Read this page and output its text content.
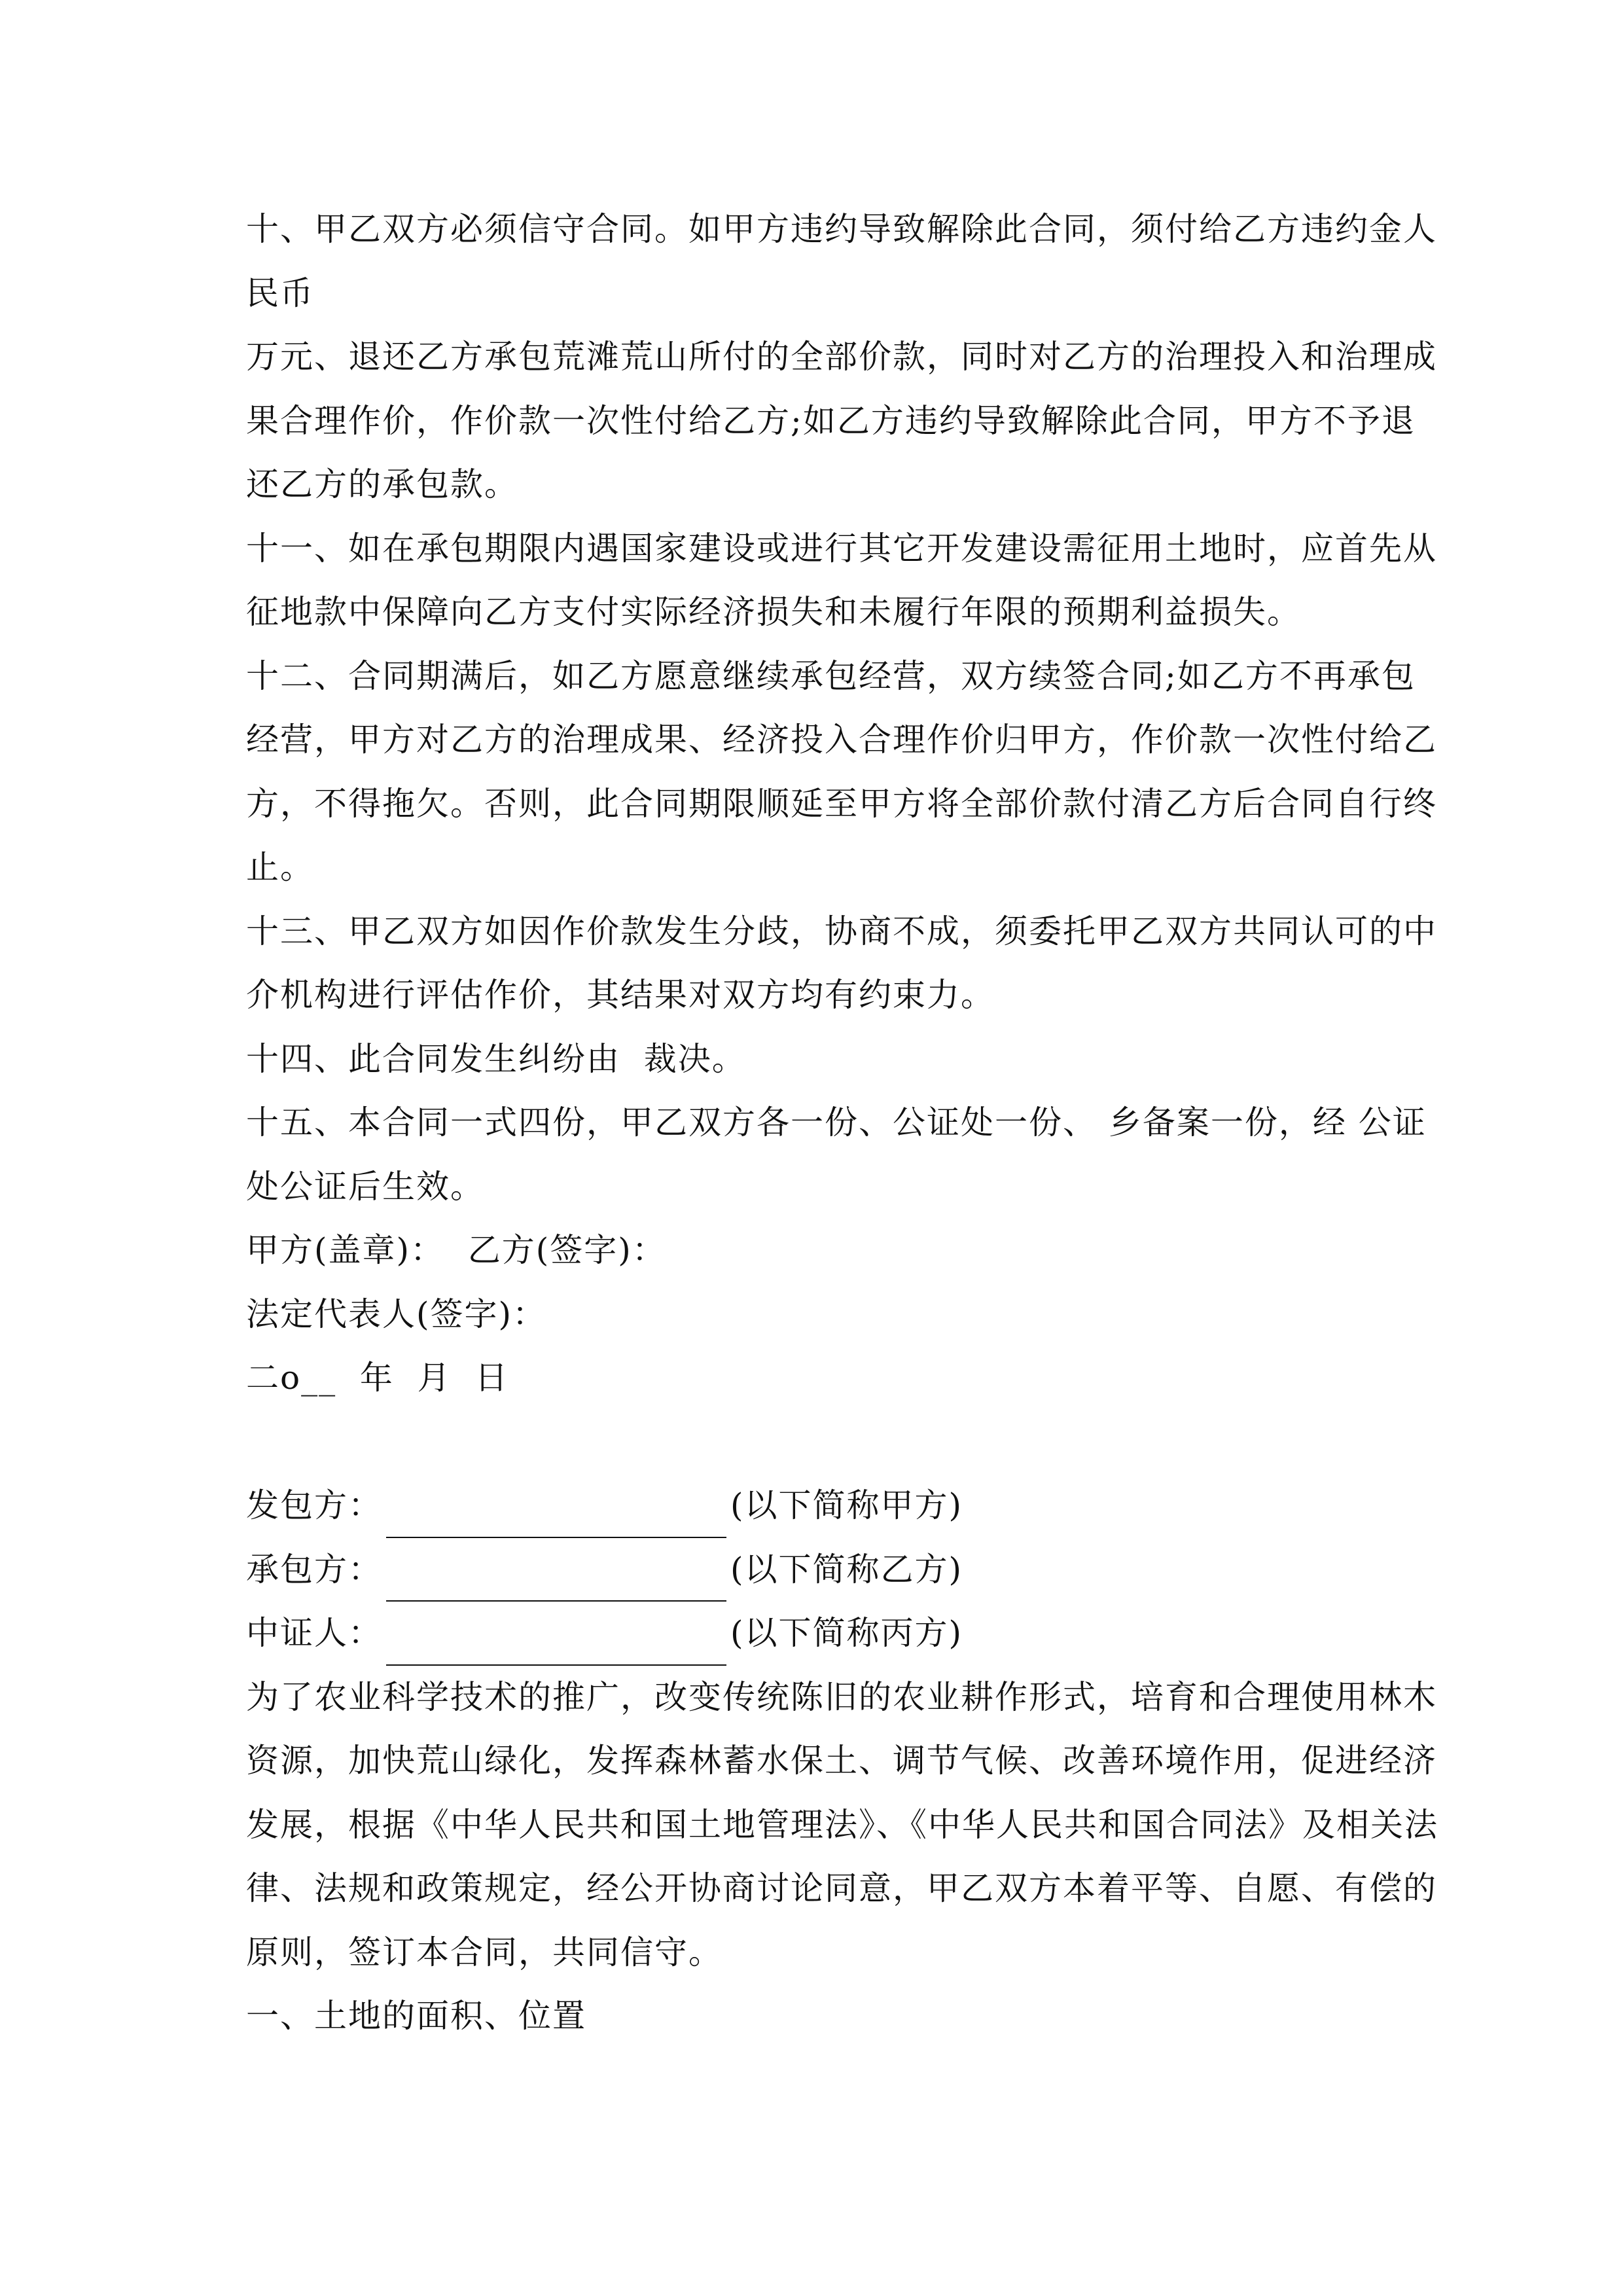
十、甲乙双方必须信守合同。如甲方违约导致解除此合同，须付给乙方违约金人
民币
万元、退还乙方承包荒滩荒山所付的全部价款，同时对乙方的治理投入和治理成
果合理作价，作价款一次性付给乙方;如乙方违约导致解除此合同，甲方不予退
还乙方的承包款。
十一、如在承包期限内遇国家建设或进行其它开发建设需征用土地时，应首先从
征地款中保障向乙方支付实际经济损失和未履行年限的预期利益损失。
十二、合同期满后，如乙方愿意继续承包经营，双方续签合同;如乙方不再承包
经营，甲方对乙方的治理成果、经济投入合理作价归甲方，作价款一次性付给乙
方，不得拖欠。否则，此合同期限顺延至甲方将全部价款付清乙方后合同自行终
止。
十三、甲乙双方如因作价款发生分歧，协商不成，须委托甲乙双方共同认可的中
介机构进行评估作价，其结果对双方均有约束力。
十四、此合同发生纠纷由  裁决。
十五、本合同一式四份，甲乙双方各一份、公证处一份、 乡备案一份，经 公证
处公证后生效。
甲方(盖章)：  乙方(签字)：
法定代表人(签字)：
二o__  年  月  日
发包方：	(以下简称甲方)
承包方：	(以下简称乙方)
中证人：	(以下简称丙方)
为了农业科学技术的推广，改变传统陈旧的农业耕作形式，培育和合理使用林木
资源，加快荒山绿化，发挥森林蓄水保土、调节气候、改善环境作用，促进经济
发展，根据《中华人民共和国土地管理法》、《中华人民共和国合同法》及相关法
律、法规和政策规定，经公开协商讨论同意，甲乙双方本着平等、自愿、有偿的
原则，签订本合同，共同信守。
一、土地的面积、位置
